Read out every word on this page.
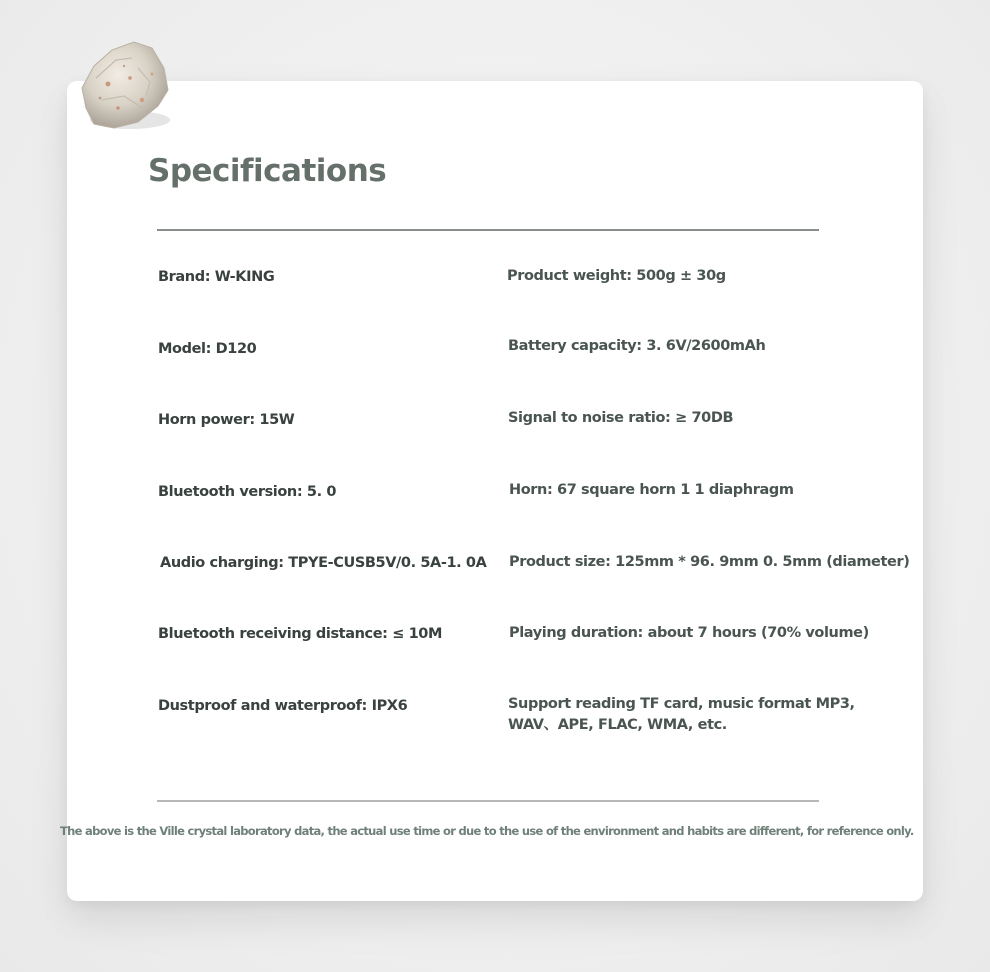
Specifications

Brand: W-KING

Model: D120

Horn power: 15W

Bluetooth version: 5. 0

Audio charging: TPYE-CUSB5V/0. 5A-1. 0A

Bluetooth receiving distance: ≤ 10M

Dustproof and waterproof: IPX6

Product weight: 500g ± 30g

Battery capacity: 3. 6V/2600mAh

Signal to noise ratio: ≥ 70DB

Horn: 67 square horn 1 1 diaphragm

Product size: 125mm * 96. 9mm 0. 5mm (diameter)

Playing duration: about 7 hours (70% volume)

Support reading TF card, music format MP3, WAV、APE, FLAC, WMA, etc.

The above is the Ville crystal laboratory data, the actual use time or due to the use of the environment and habits are different, for reference only.
